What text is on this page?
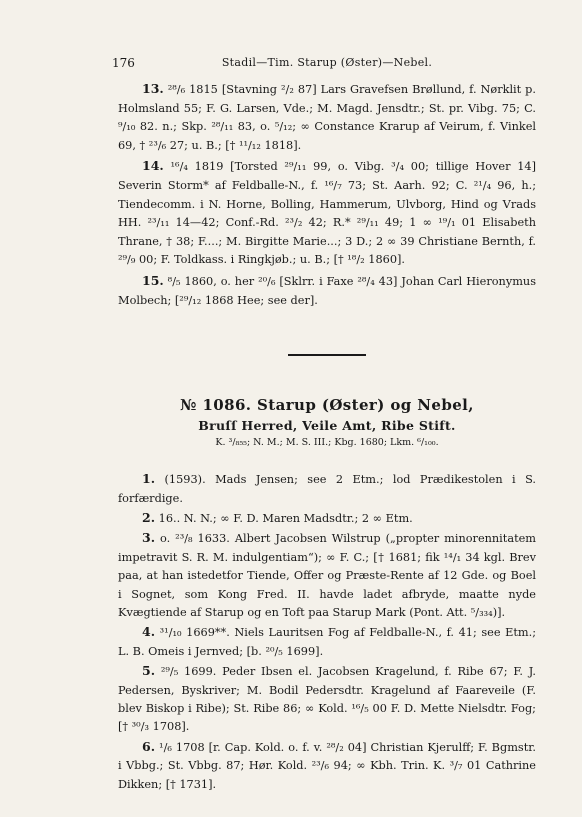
176	Stadil—Tim. Starup (Øster)—Nebel.

13. ²⁸/₆ 1815 [Stavning ²/₂ 87] Lars Gravefsen Brøllund, f. Nørklit p. Holmsland 55; F. G. Larsen, Vde.; M. Magd. Jensdtr.; St. pr. Vibg. 75; C. ⁹/₁₀ 82. n.; Skp. ²⁸/₁₁ 83, o. ⁵/₁₂; ∞ Constance Krarup af Veirum, f. Vinkel 69, † ²³/₆ 27; u. B.; [† ¹¹/₁₂ 1818].

14. ¹⁶/₄ 1819 [Torsted ²⁹/₁₁ 99, o. Vibg. ³/₄ 00; tillige Hover 14] Severin Storm* af Feldballe-N., f. ¹⁶/₇ 73; St. Aarh. 92; C. ²¹/₄ 96, h.; Tiendecomm. i N. Horne, Bolling, Hammerum, Ulvborg, Hind og Vrads HH. ²³/₁₁ 14—42; Conf.-Rd. ²³/₂ 42; R.* ²⁹/₁₁ 49; 1 ∞ ¹⁹/₁ 01 Elisabeth Thrane, † 38; F....; M. Birgitte Marie...; 3 D.; 2 ∞ 39 Christiane Bernth, f. ²⁹/₉ 00; F. Toldkass. i Ringkjøb.; u. B.; [† ¹⁸/₂ 1860].

15. ⁸/₅ 1860, o. her ²⁰/₆ [Sklrr. i Faxe ²⁸/₄ 43] Johan Carl Hieronymus Molbech; [²⁹/₁₂ 1868 Hee; see der].

№ 1086. Starup (Øster) og Nebel,

Bruſſ Herred, Veile Amt, Ribe Stift.

K. ³/₈₅₅; N. M.; M. S. III.; Kbg. 1680; Lkm. ⁶/₁₀₀.

1. (1593). Mads Jensen; see 2 Etm.; lod Prædikestolen i S. forfærdige.

2. 16.. N. N.; ∞ F. D. Maren Madsdtr.; 2 ∞ Etm.

3. o. ²³/₈ 1633. Albert Jacobsen Wilstrup („propter minorennitatem impetravit S. R. M. indulgentiam“); ∞ F. C.; [† 1681; fik ¹⁴/₁ 34 kgl. Brev paa, at han istedetfor Tiende, Offer og Præste-Rente af 12 Gde. og Boel i Sognet, som Kong Fred. II. havde ladet afbryde, maatte nyde Kvægtiende af Starup og en Toft paa Starup Mark (Pont. Att. ⁵/₃₃₄)].

4. ³¹/₁₀ 1669**. Niels Lauritsen Fog af Feldballe-N., f. 41; see Etm.; L. B. Omeis i Jernved; [b. ²⁰/₅ 1699].

5. ²⁹/₅ 1699. Peder Ibsen el. Jacobsen Kragelund, f. Ribe 67; F. J. Pedersen, Byskriver; M. Bodil Pedersdtr. Kragelund af Faareveile (F. blev Biskop i Ribe); St. Ribe 86; ∞ Kold. ¹⁶/₅ 00 F. D. Mette Nielsdtr. Fog; [† ³⁰/₃ 1708].

6. ¹/₆ 1708 [r. Cap. Kold. o. f. v. ²⁸/₂ 04] Christian Kjerulff; F. Bgmstr. i Vbbg.; St. Vbbg. 87; Hør. Kold. ²³/₆ 94; ∞ Kbh. Trin. K. ³/₇ 01 Cathrine Dikken; [† 1731].
